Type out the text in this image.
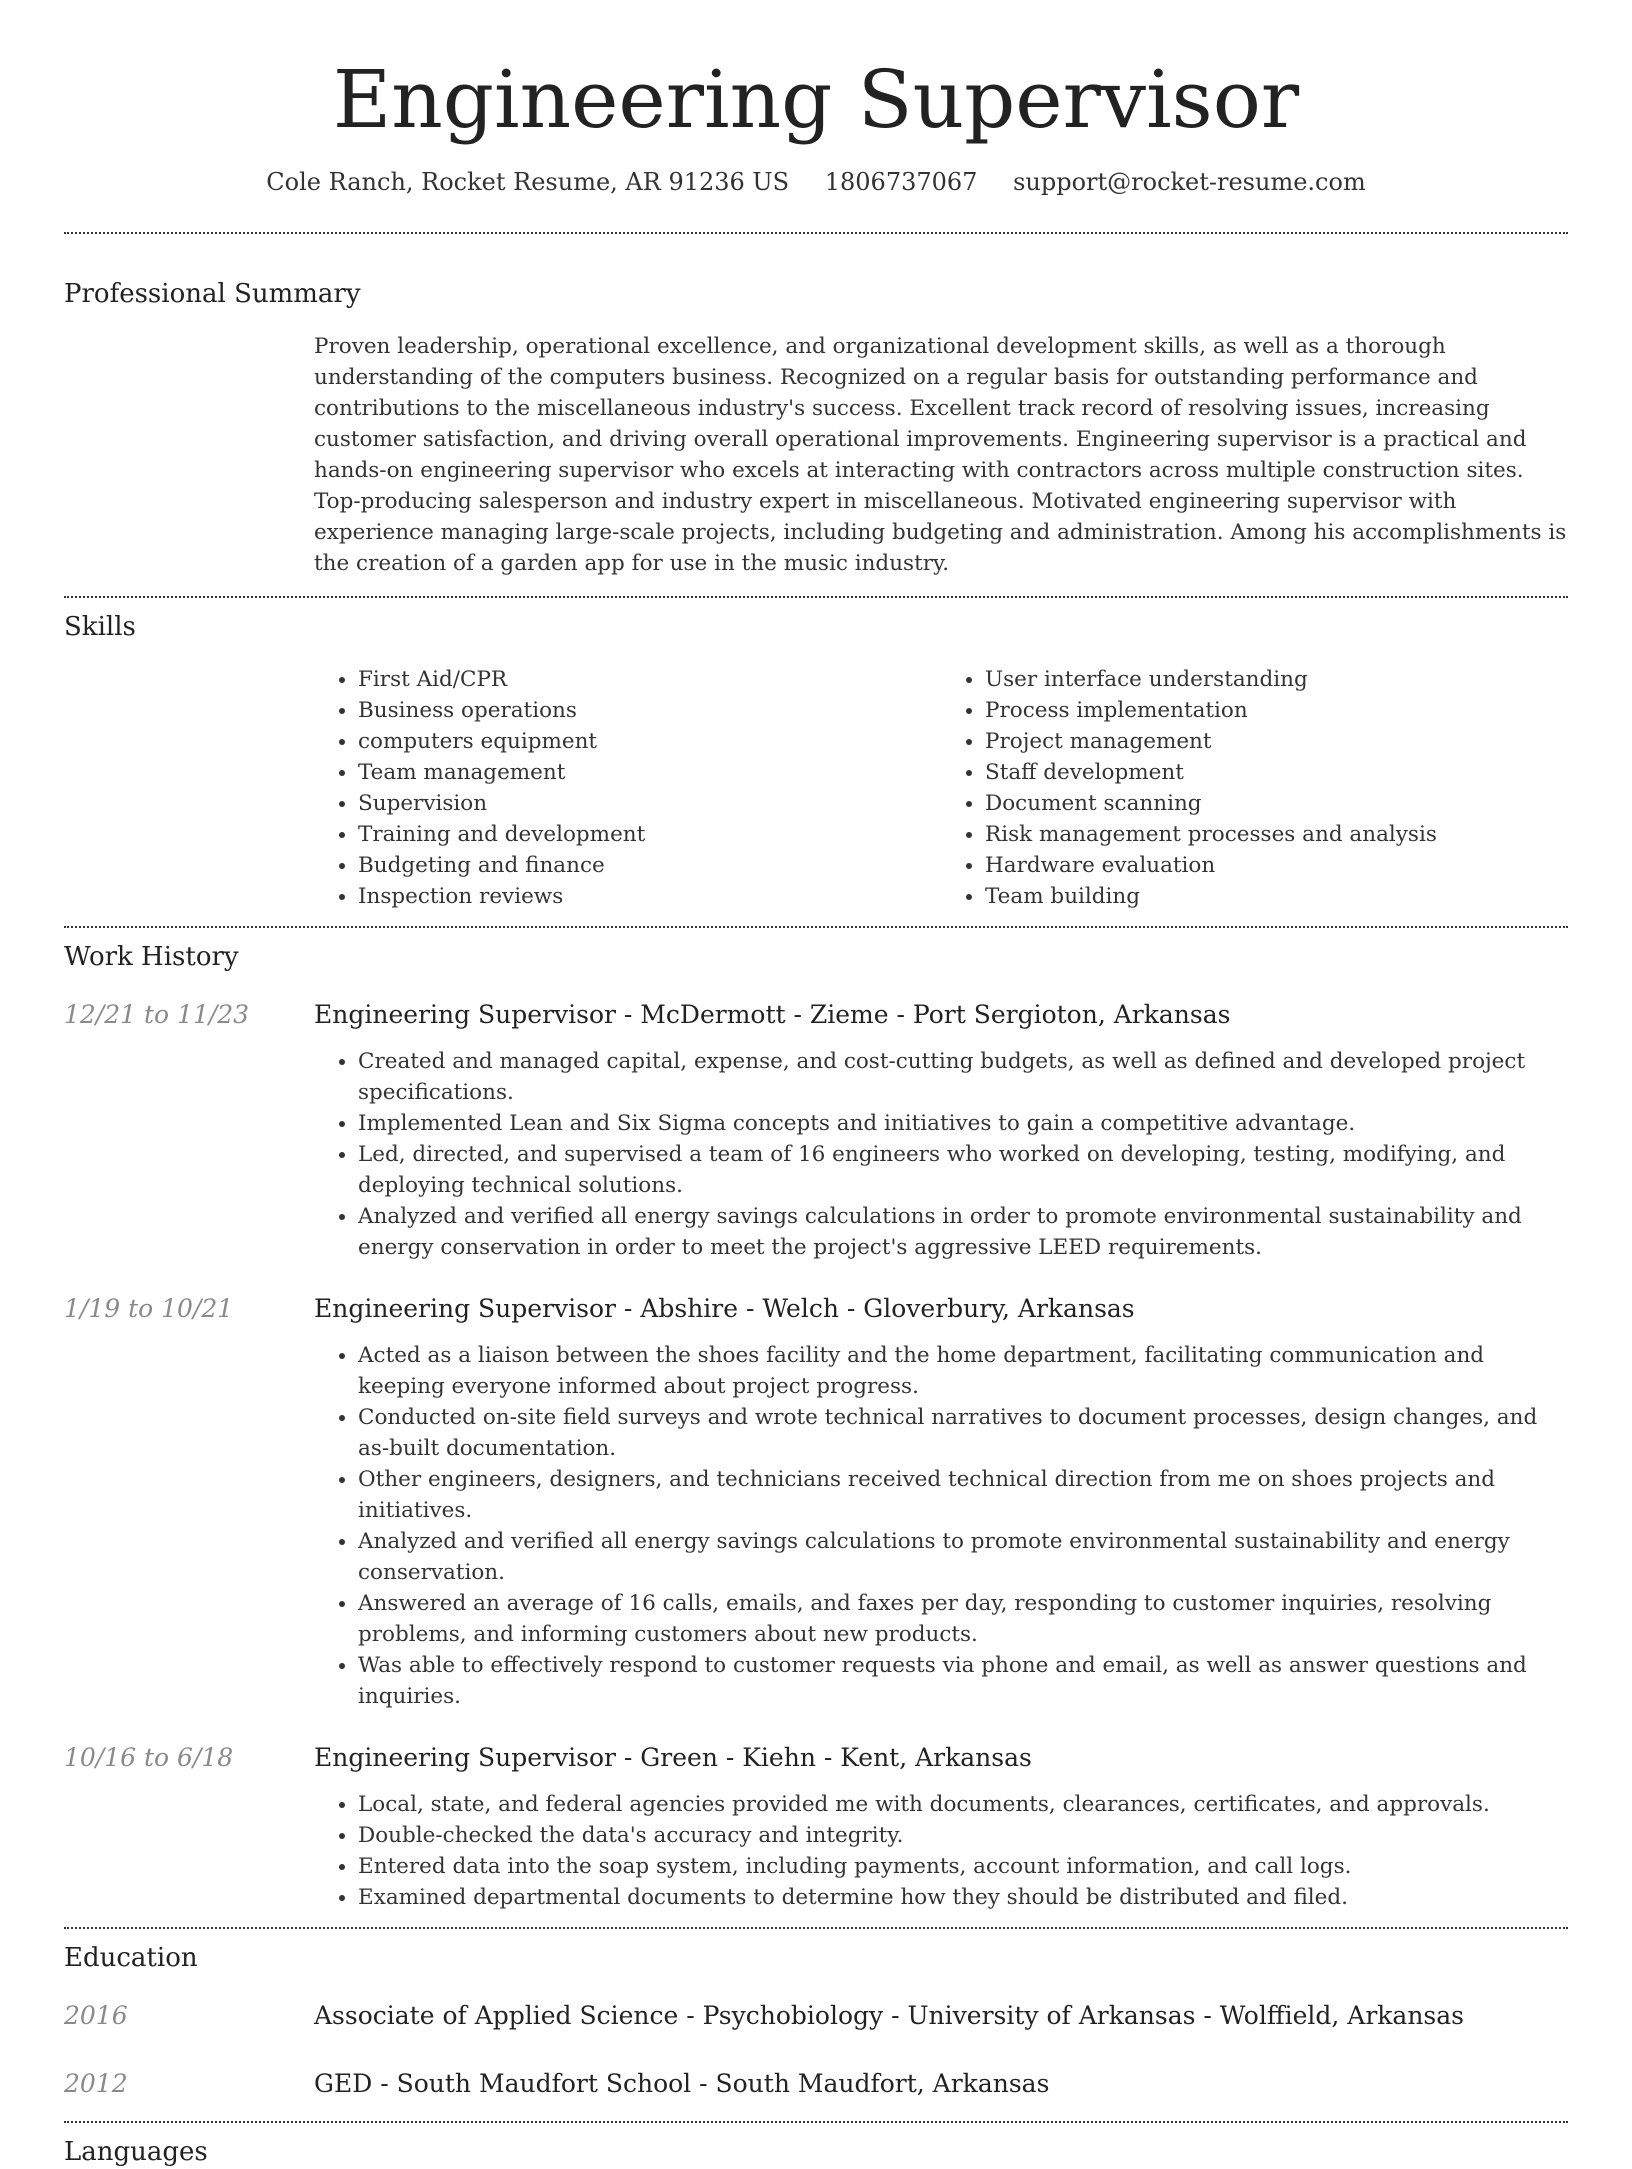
Engineering Supervisor
Cole Ranch, Rocket Resume, AR 91236 US 1806737067 support@rocket-resume.com
Professional Summary

Proven leadership, operational excellence, and organizational development skills, as well as a thorough understanding of the computers business. Recognized on a regular basis for outstanding performance and contributions to the miscellaneous industry's success. Excellent track record of resolving issues, increasing customer satisfaction, and driving overall operational improvements. Engineering supervisor is a practical and hands-on engineering supervisor who excels at interacting with contractors across multiple construction sites. Top-producing salesperson and industry expert in miscellaneous. Motivated engineering supervisor with experience managing large-scale projects, including budgeting and administration. Among his accomplishments is the creation of a garden app for use in the music industry.

Skills
• First Aid/CPR
• Business operations
• computers equipment
• Team management
• Supervision
• Training and development
• Budgeting and finance
• Inspection reviews
• User interface understanding
• Process implementation
• Project management
• Staff development
• Document scanning
• Risk management processes and analysis
• Hardware evaluation
• Team building
Work History
12/21 to 11/23	Engineering Supervisor - McDermott - Zieme - Port Sergioton, Arkansas
• Created and managed capital, expense, and cost-cutting budgets, as well as defined and developed project specifications.
• Implemented Lean and Six Sigma concepts and initiatives to gain a competitive advantage.
• Led, directed, and supervised a team of 16 engineers who worked on developing, testing, modifying, and deploying technical solutions.
• Analyzed and verified all energy savings calculations in order to promote environmental sustainability and energy conservation in order to meet the project's aggressive LEED requirements.
1/19 to 10/21	Engineering Supervisor - Abshire - Welch - Gloverbury, Arkansas
• Acted as a liaison between the shoes facility and the home department, facilitating communication and keeping everyone informed about project progress.
• Conducted on-site field surveys and wrote technical narratives to document processes, design changes, and as-built documentation.
• Other engineers, designers, and technicians received technical direction from me on shoes projects and initiatives.
• Analyzed and verified all energy savings calculations to promote environmental sustainability and energy conservation.
• Answered an average of 16 calls, emails, and faxes per day, responding to customer inquiries, resolving problems, and informing customers about new products.
• Was able to effectively respond to customer requests via phone and email, as well as answer questions and inquiries.
10/16 to 6/18	Engineering Supervisor - Green - Kiehn - Kent, Arkansas
• Local, state, and federal agencies provided me with documents, clearances, certificates, and approvals.
• Double-checked the data's accuracy and integrity.
• Entered data into the soap system, including payments, account information, and call logs.
• Examined departmental documents to determine how they should be distributed and filed.
Education
2016	Associate of Applied Science - Psychobiology - University of Arkansas - Wolffield, Arkansas
2012	GED - South Maudfort School - South Maudfort, Arkansas
Languages
